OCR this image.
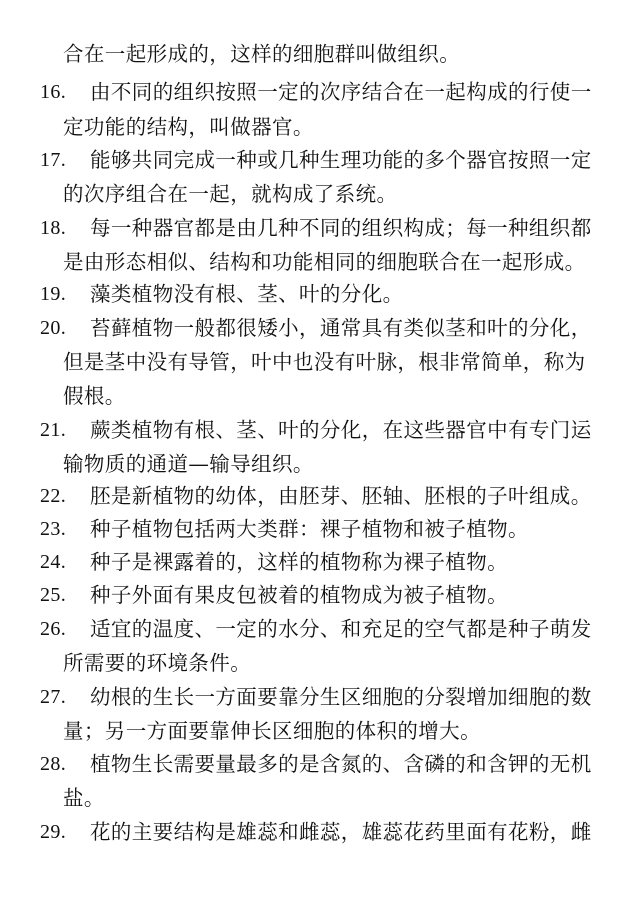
合在一起形成的，这样的细胞群叫做组织。
16. 由不同的组织按照一定的次序结合在一起构成的行使一
定功能的结构，叫做器官。
17. 能够共同完成一种或几种生理功能的多个器官按照一定
的次序组合在一起，就构成了系统。
18. 每一种器官都是由几种不同的组织构成；每一种组织都
是由形态相似、结构和功能相同的细胞联合在一起形成。
19. 藻类植物没有根、茎、叶的分化。
20. 苔藓植物一般都很矮小，通常具有类似茎和叶的分化，
但是茎中没有导管，叶中也没有叶脉，根非常简单，称为
假根。
21. 蕨类植物有根、茎、叶的分化，在这些器官中有专门运
输物质的通道—输导组织。
22. 胚是新植物的幼体，由胚芽、胚轴、胚根的子叶组成。
23. 种子植物包括两大类群：裸子植物和被子植物。
24. 种子是裸露着的，这样的植物称为裸子植物。
25. 种子外面有果皮包被着的植物成为被子植物。
26. 适宜的温度、一定的水分、和充足的空气都是种子萌发
所需要的环境条件。
27. 幼根的生长一方面要靠分生区细胞的分裂增加细胞的数
量；另一方面要靠伸长区细胞的体积的增大。
28. 植物生长需要量最多的是含氮的、含磷的和含钾的无机
盐。
29. 花的主要结构是雄蕊和雌蕊，雄蕊花药里面有花粉，雌
